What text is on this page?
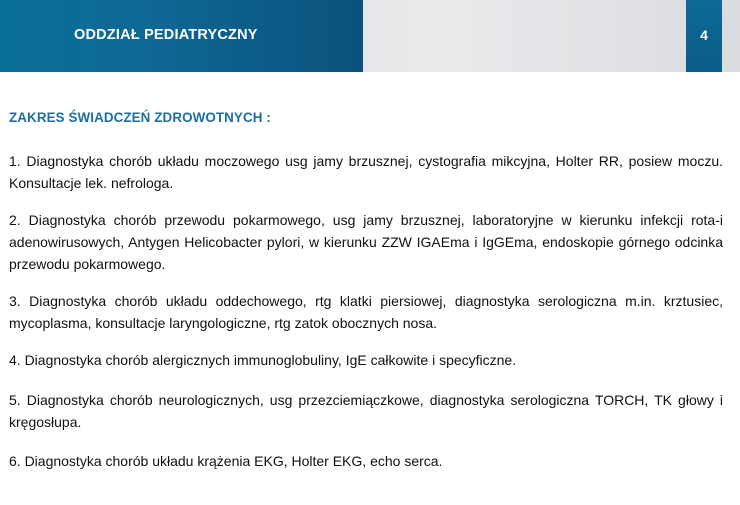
ODDZIAŁ PEDIATRYCZNY	4
ZAKRES ŚWIADCZEŃ ZDROWOTNYCH :
1. Diagnostyka chorób układu moczowego usg jamy brzusznej, cystografia mikcyjna, Holter RR, posiew moczu. Konsultacje lek. nefrologa.
2. Diagnostyka chorób przewodu pokarmowego, usg jamy brzusznej, laboratoryjne w kierunku infekcji rota-i adenowirusowych, Antygen Helicobacter pylori, w kierunku ZZW IGAEma i IgGEma, endoskopie górnego odcinka przewodu pokarmowego.
3. Diagnostyka chorób układu oddechowego, rtg klatki piersiowej, diagnostyka serologiczna m.in. krztusiec, mycoplasma, konsultacje laryngologiczne, rtg zatok obocznych nosa.
4. Diagnostyka chorób alergicznych immunoglobuliny, IgE całkowite i specyficzne.
5. Diagnostyka chorób neurologicznych, usg przezciemiączkowe, diagnostyka serologiczna TORCH, TK głowy i kręgosłupa.
6. Diagnostyka chorób układu krążenia EKG, Holter EKG, echo serca.
